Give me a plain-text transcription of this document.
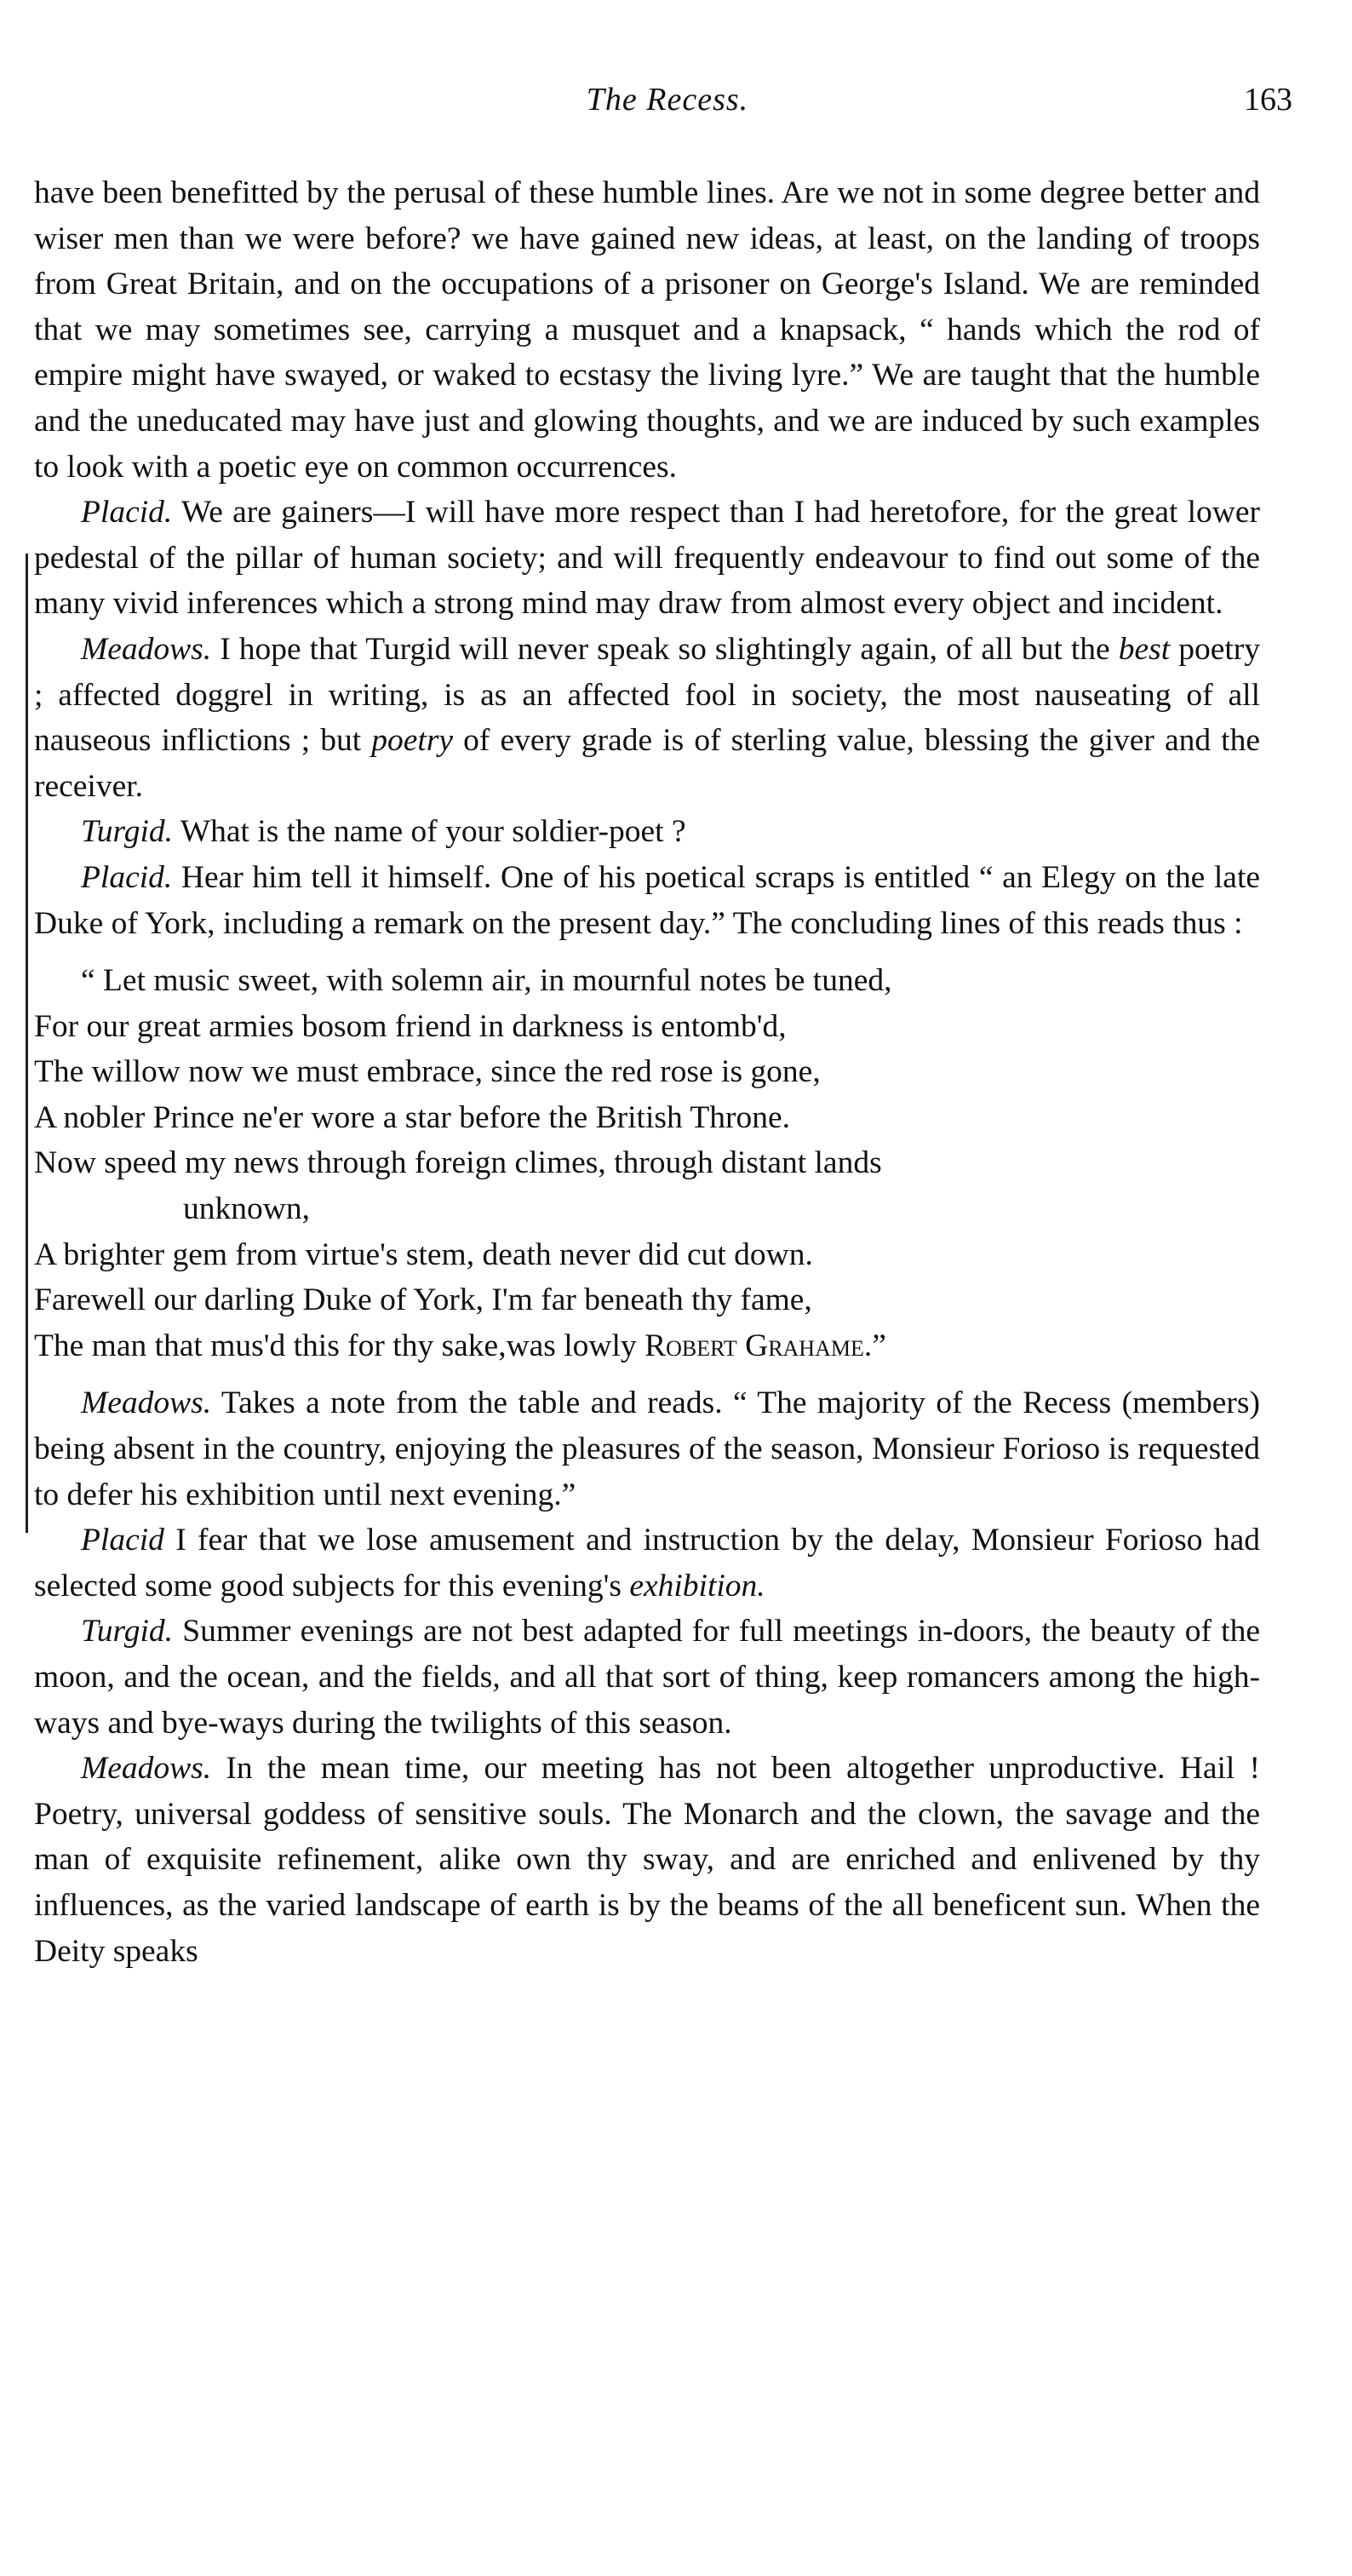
The Recess.	163

have been benefitted by the perusal of these humble lines. Are we not in some degree better and wiser men than we were before? we have gained new ideas, at least, on the landing of troops from Great Britain, and on the occupations of a prisoner on George's Island. We are reminded that we may sometimes see, carrying a musquet and a knapsack, “ hands which the rod of empire might have swayed, or waked to ecstasy the living lyre.” We are taught that the humble and the uneducated may have just and glowing thoughts, and we are induced by such examples to look with a poetic eye on common occurrences.

Placid. We are gainers—I will have more respect than I had heretofore, for the great lower pedestal of the pillar of human society; and will frequently endeavour to find out some of the many vivid inferences which a strong mind may draw from almost every object and incident.

Meadows. I hope that Turgid will never speak so slightingly again, of all but the best poetry ; affected doggrel in writing, is as an affected fool in society, the most nauseating of all nauseous inflictions ; but poetry of every grade is of sterling value, blessing the giver and the receiver.

Turgid. What is the name of your soldier-poet ?

Placid. Hear him tell it himself. One of his poetical scraps is entitled “ an Elegy on the late Duke of York, including a remark on the present day.” The concluding lines of this reads thus :

“ Let music sweet, with solemn air, in mournful notes be tuned,
For our great armies bosom friend in darkness is entomb'd,
The willow now we must embrace, since the red rose is gone,
A nobler Prince ne'er wore a star before the British Throne.
Now speed my news through foreign climes, through distant lands
unknown,
A brighter gem from virtue's stem, death never did cut down.
Farewell our darling Duke of York, I'm far beneath thy fame,
The man that mus'd this for thy sake,was lowly Robert Grahame.”

Meadows. Takes a note from the table and reads. “ The majority of the Recess (members) being absent in the country, enjoying the pleasures of the season, Monsieur Forioso is requested to defer his exhibition until next evening.”

Placid I fear that we lose amusement and instruction by the delay, Monsieur Forioso had selected some good subjects for this evening's exhibition.

Turgid. Summer evenings are not best adapted for full meetings in-doors, the beauty of the moon, and the ocean, and the fields, and all that sort of thing, keep romancers among the high-ways and bye-ways during the twilights of this season.

Meadows. In the mean time, our meeting has not been altogether unproductive. Hail ! Poetry, universal goddess of sensitive souls. The Monarch and the clown, the savage and the man of exquisite refinement, alike own thy sway, and are enriched and enlivened by thy influences, as the varied landscape of earth is by the beams of the all beneficent sun. When the Deity speaks
